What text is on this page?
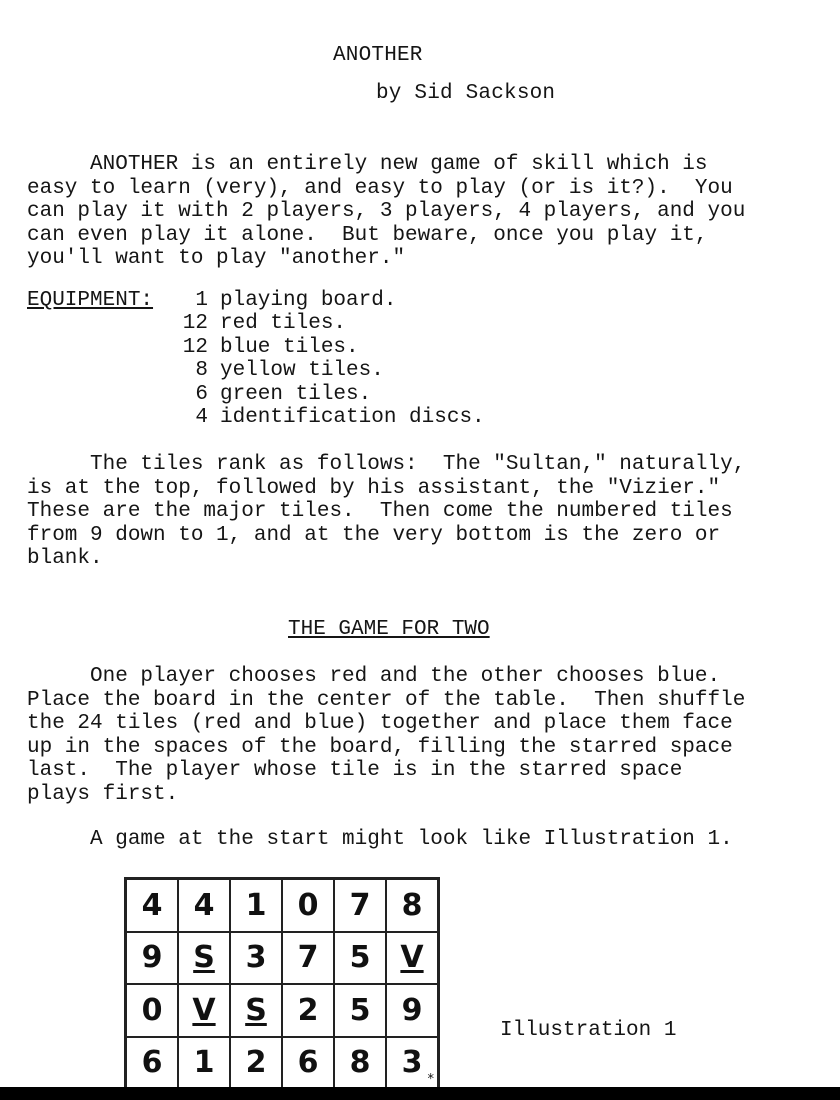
ANOTHER
by Sid Sackson
ANOTHER is an entirely new game of skill which is
easy to learn (very), and easy to play (or is it?).  You
can play it with 2 players, 3 players, 4 players, and you
can even play it alone.  But beware, once you play it,
you'll want to play "another."
EQUIPMENT:	1 playing board.
12 red tiles.
12 blue tiles.
8 yellow tiles.
6 green tiles.
4 identification discs.
The tiles rank as follows:  The "Sultan," naturally,
is at the top, followed by his assistant, the "Vizier."
These are the major tiles.  Then come the numbered tiles
from 9 down to 1, and at the very bottom is the zero or
blank.
THE GAME FOR TWO
One player chooses red and the other chooses blue.
Place the board in the center of the table.  Then shuffle
the 24 tiles (red and blue) together and place them face
up in the spaces of the board, filling the starred space
last.  The player whose tile is in the starred space
plays first.
A game at the start might look like Illustration 1.
4 4 1 0 7 8
9 S 3 7 5 V
0 V S 2 5 9
6 1 2 6 8 3 *
Illustration 1
